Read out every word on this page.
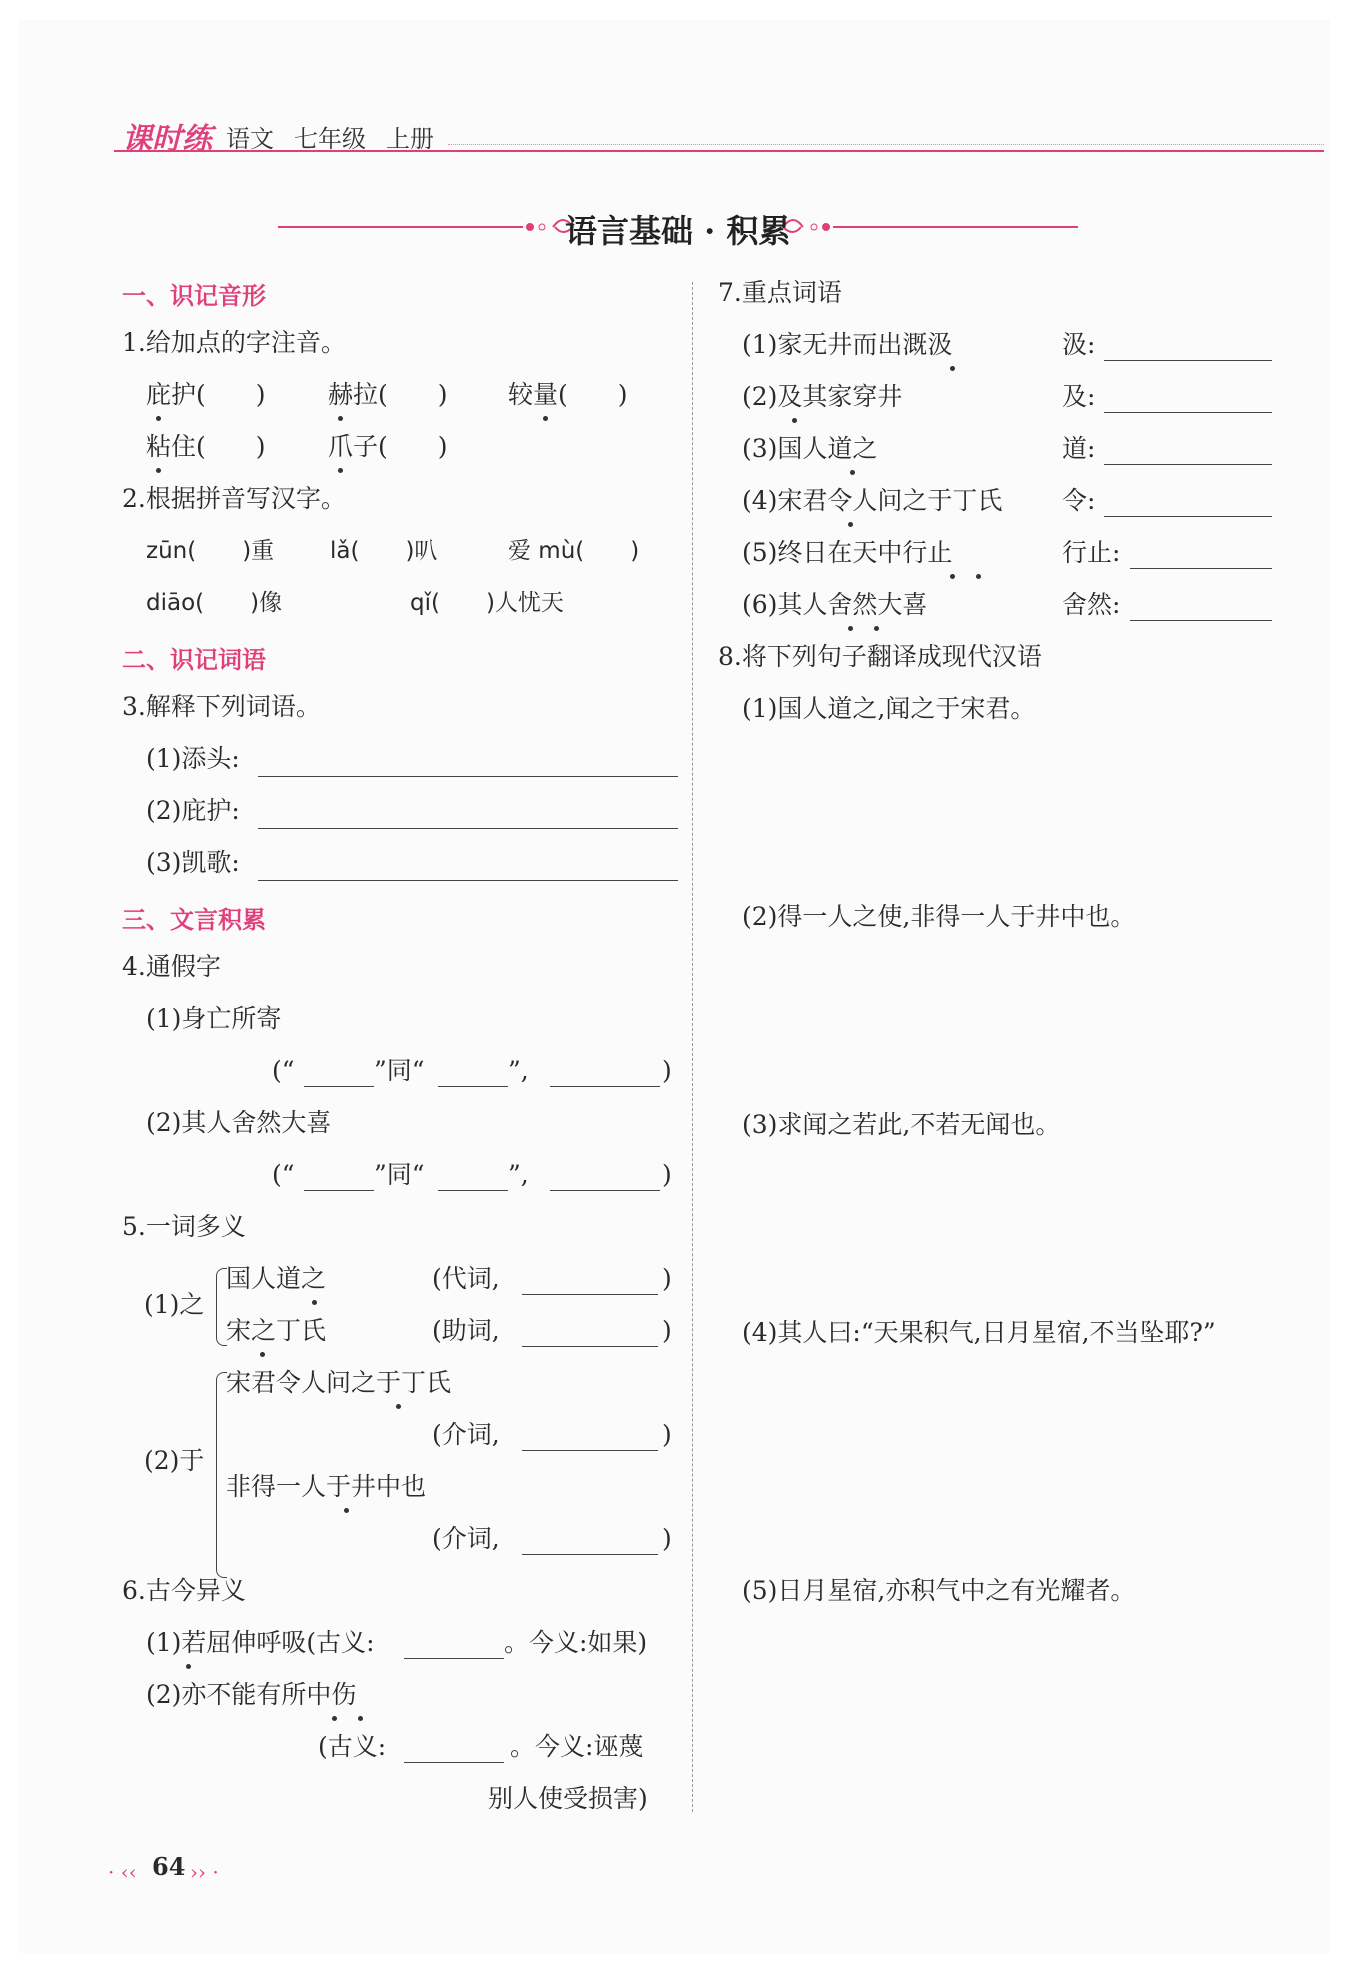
课时练 语文 七年级 上册
语言基础 · 积累
一、识记音形
1.给加点的字注音。
庇护(　　) 赫拉(　　) 较量(　　)
粘住(　　) 爪子(　　)
2.根据拼音写汉字。
zūn(　　)重 lǎ(　　)叭	爱 mù(　　)
diāo(　　)像	qǐ(　　)人忧天
二、识记词语
3.解释下列词语。
(1)添头:
(2)庇护:
(3)凯歌:
三、文言积累
4.通假字
(1)身亡所寄
(“	”同“	”,	)
(2)其人舍然大喜
(“	”同“	”,	)
5.一词多义
(1)之
国人道之	(代词,	)
宋之丁氏	(助词,	)
(2)于
宋君令人问之于丁氏
(介词,	)
非得一人于井中也
(介词,	)
6.古今异义
(1)若屈伸呼吸(古义:	。今义:如果)
(2)亦不能有所中伤
(古义:	。今义:诬蔑
别人使受损害)
7.重点词语
(1)家无井而出溉汲	汲:
(2)及其家穿井	及:
(3)国人道之	道:
(4)宋君令人问之于丁氏 令:
(5)终日在天中行止	行止:
(6)其人舍然大喜	舍然:
8.将下列句子翻译成现代汉语
(1)国人道之,闻之于宋君。
(2)得一人之使,非得一人于井中也。
(3)求闻之若此,不若无闻也。
(4)其人曰:“天果积气,日月星宿,不当坠耶?”
(5)日月星宿,亦积气中之有光耀者。
· ‹‹ 64 ›› ·
